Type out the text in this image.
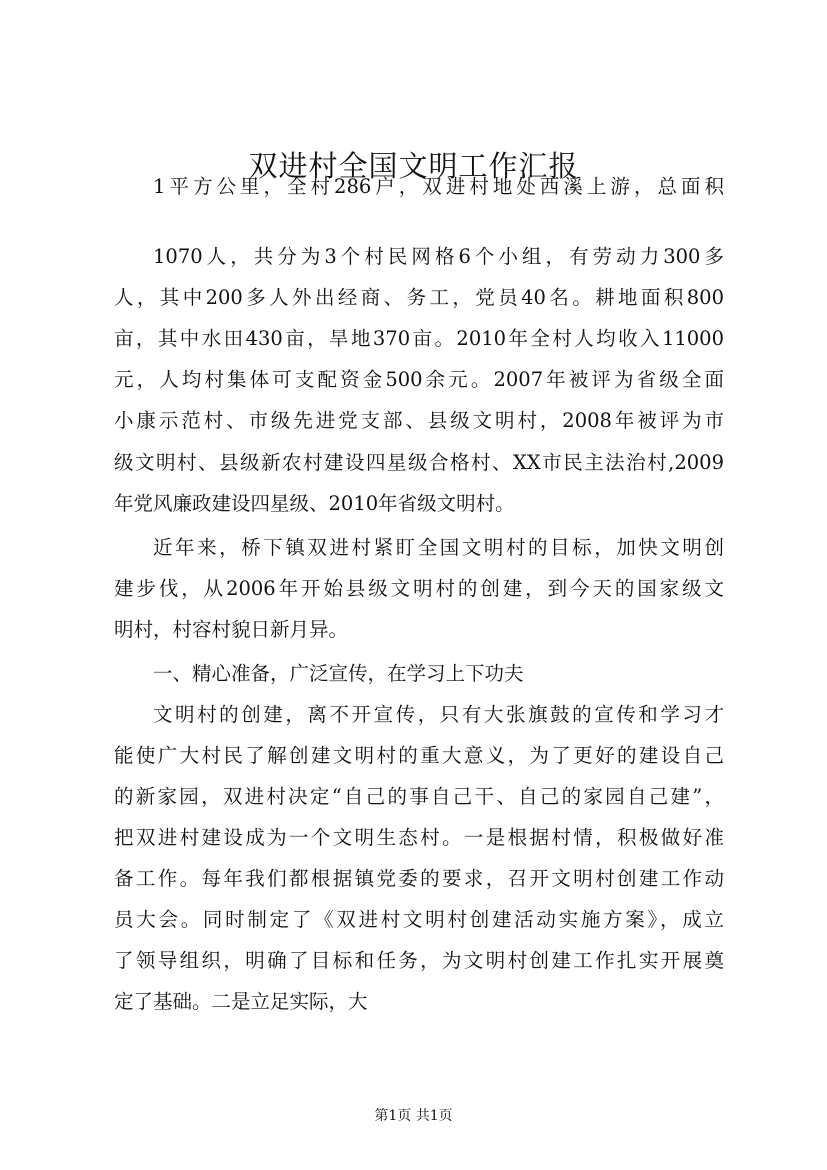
双进村全国文明工作汇报
1平方公里，全村286户，双进村地处西溪上游，总面积
1070人，共分为3个村民网格6个小组，有劳动力300多
人，其中200多人外出经商、务工，党员40名。耕地面积800
亩，其中水田430亩，旱地370亩。2010年全村人均收入11000
元，人均村集体可支配资金500余元。2007年被评为省级全面
小康示范村、市级先进党支部、县级文明村，2008年被评为市
级文明村、县级新农村建设四星级合格村、XX市民主法治村,2009
年党风廉政建设四星级、2010年省级文明村。
近年来，桥下镇双进村紧盯全国文明村的目标，加快文明创
建步伐，从2006年开始县级文明村的创建，到今天的国家级文
明村，村容村貌日新月异。
一、精心准备，广泛宣传，在学习上下功夫
文明村的创建，离不开宣传，只有大张旗鼓的宣传和学习才
能使广大村民了解创建文明村的重大意义，为了更好的建设自己
的新家园，双进村决定“自己的事自己干、自己的家园自己建”，
把双进村建设成为一个文明生态村。一是根据村情，积极做好准
备工作。每年我们都根据镇党委的要求，召开文明村创建工作动
员大会。同时制定了《双进村文明村创建活动实施方案》，成立
了领导组织，明确了目标和任务，为文明村创建工作扎实开展奠
定了基础。二是立足实际，大
第1页 共1页
